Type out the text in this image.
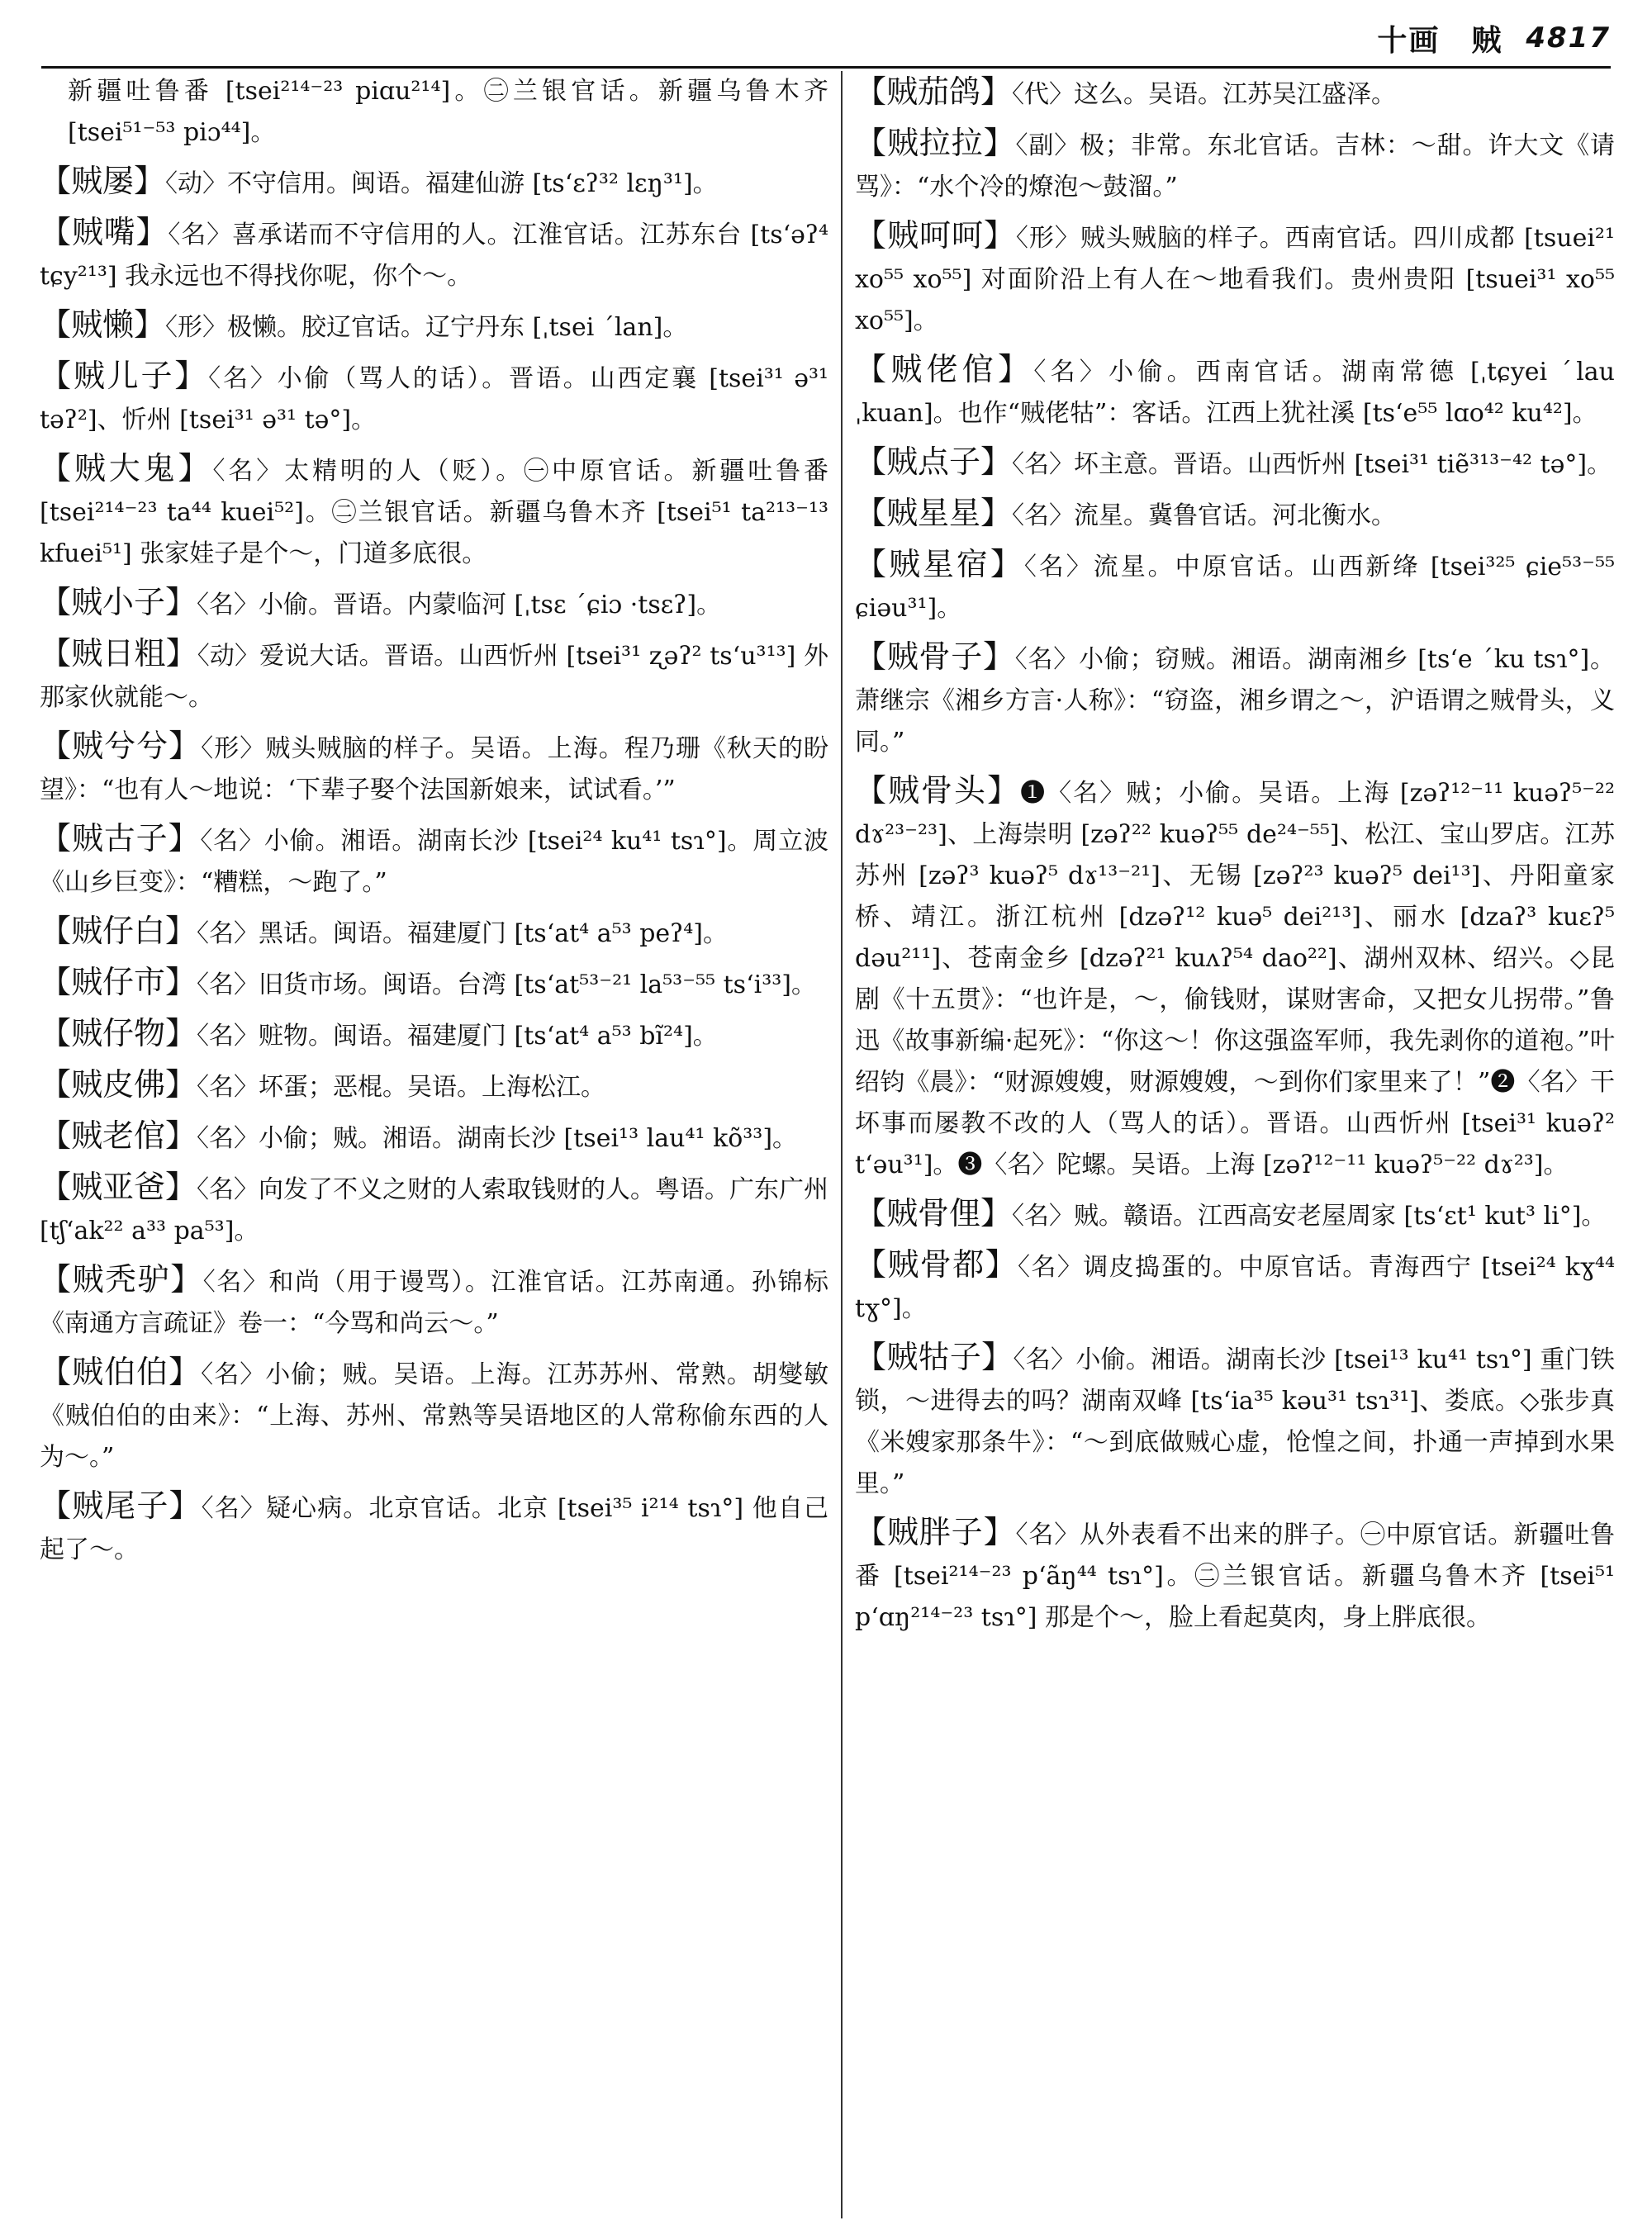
十画　贼 4817

新疆吐鲁番 [tsei²¹⁴⁻²³ piɑu²¹⁴]。㊁兰银官话。新疆乌鲁木齐 [tsei⁵¹⁻⁵³ piɔ⁴⁴]。

【贼屡】〈动〉不守信用。闽语。福建仙游 [tsʻɛʔ³² lɛŋ³¹]。

【贼嘴】〈名〉喜承诺而不守信用的人。江淮官话。江苏东台 [tsʻəʔ⁴ tɕy²¹³] 我永远也不得找你呢，你个～。

【贼懒】〈形〉极懒。胶辽官话。辽宁丹东 [ˌtsei ˊlan]。

【贼儿子】〈名〉小偷（骂人的话）。晋语。山西定襄 [tsei³¹ ə³¹ təʔ²]、忻州 [tsei³¹ ə³¹ tə°]。

【贼大鬼】〈名〉太精明的人（贬）。㊀中原官话。新疆吐鲁番 [tsei²¹⁴⁻²³ ta⁴⁴ kuei⁵²]。㊁兰银官话。新疆乌鲁木齐 [tsei⁵¹ ta²¹³⁻¹³ kfuei⁵¹] 张家娃子是个～，门道多底很。

【贼小子】〈名〉小偷。晋语。内蒙临河 [ˌtsɛ ˊɕiɔ ·tsɛʔ]。

【贼日粗】〈动〉爱说大话。晋语。山西忻州 [tsei³¹ ʐəʔ² tsʻu³¹³] 外那家伙就能～。

【贼兮兮】〈形〉贼头贼脑的样子。吴语。上海。程乃珊《秋天的盼望》：“也有人～地说：‘下辈子娶个法国新娘来，试试看。’”

【贼古子】〈名〉小偷。湘语。湖南长沙 [tsei²⁴ ku⁴¹ tsɿ°]。周立波《山乡巨变》：“糟糕，～跑了。”

【贼仔白】〈名〉黑话。闽语。福建厦门 [tsʻat⁴ a⁵³ peʔ⁴]。

【贼仔市】〈名〉旧货市场。闽语。台湾 [tsʻat⁵³⁻²¹ la⁵³⁻⁵⁵ tsʻi³³]。

【贼仔物】〈名〉赃物。闽语。福建厦门 [tsʻat⁴ a⁵³ bĩ²⁴]。

【贼皮佛】〈名〉坏蛋；恶棍。吴语。上海松江。

【贼老倌】〈名〉小偷；贼。湘语。湖南长沙 [tsei¹³ lau⁴¹ kõ³³]。

【贼亚爸】〈名〉向发了不义之财的人索取钱财的人。粤语。广东广州 [tʃʻak²² a³³ pa⁵³]。

【贼秃驴】〈名〉和尚（用于谩骂）。江淮官话。江苏南通。孙锦标《南通方言疏证》卷一：“今骂和尚云～。”

【贼伯伯】〈名〉小偷；贼。吴语。上海。江苏苏州、常熟。胡燮敏《贼伯伯的由来》：“上海、苏州、常熟等吴语地区的人常称偷东西的人为～。”

【贼尾子】〈名〉疑心病。北京官话。北京 [tsei³⁵ i²¹⁴ tsɿ°] 他自己起了～。

【贼茄鸽】〈代〉这么。吴语。江苏吴江盛泽。

【贼拉拉】〈副〉极；非常。东北官话。吉林：～甜。许大文《请骂》：“水个冷的燎泡～鼓溜。”

【贼呵呵】〈形〉贼头贼脑的样子。西南官话。四川成都 [tsuei²¹ xo⁵⁵ xo⁵⁵] 对面阶沿上有人在～地看我们。贵州贵阳 [tsuei³¹ xo⁵⁵ xo⁵⁵]。

【贼佬倌】〈名〉小偷。西南官话。湖南常德 [ˌtɕyei ˊlau ˌkuan]。也作“贼佬牯”：客话。江西上犹社溪 [tsʻe⁵⁵ lɑo⁴² ku⁴²]。

【贼点子】〈名〉坏主意。晋语。山西忻州 [tsei³¹ tiẽ³¹³⁻⁴² tə°]。

【贼星星】〈名〉流星。冀鲁官话。河北衡水。

【贼星宿】〈名〉流星。中原官话。山西新绛 [tsei³²⁵ ɕie⁵³⁻⁵⁵ ɕiəu³¹]。

【贼骨子】〈名〉小偷；窃贼。湘语。湖南湘乡 [tsʻe ˊku tsɿ°]。萧继宗《湘乡方言·人称》：“窃盗，湘乡谓之～，沪语谓之贼骨头，义同。”

【贼骨头】❶〈名〉贼；小偷。吴语。上海 [zəʔ¹²⁻¹¹ kuəʔ⁵⁻²² dɤ²³⁻²³]、上海崇明 [zəʔ²² kuəʔ⁵⁵ de²⁴⁻⁵⁵]、松江、宝山罗店。江苏苏州 [zəʔ³ kuəʔ⁵ dɤ¹³⁻²¹]、无锡 [zəʔ²³ kuəʔ⁵ dei¹³]、丹阳童家桥、靖江。浙江杭州 [dzəʔ¹² kuə⁵ dei²¹³]、丽水 [dzaʔ³ kuɛʔ⁵ dəu²¹¹]、苍南金乡 [dzəʔ²¹ kuʌʔ⁵⁴ dao²²]、湖州双林、绍兴。◇昆剧《十五贯》：“也许是，～，偷钱财，谋财害命，又把女儿拐带。”鲁迅《故事新编·起死》：“你这～！你这强盗军师，我先剥你的道袍。”叶绍钧《晨》：“财源嫂嫂，财源嫂嫂，～到你们家里来了！”❷〈名〉干坏事而屡教不改的人（骂人的话）。晋语。山西忻州 [tsei³¹ kuəʔ² tʻəu³¹]。❸〈名〉陀螺。吴语。上海 [zəʔ¹²⁻¹¹ kuəʔ⁵⁻²² dɤ²³]。

【贼骨俚】〈名〉贼。赣语。江西高安老屋周家 [tsʻɛt¹ kut³ li°]。

【贼骨都】〈名〉调皮捣蛋的。中原官话。青海西宁 [tsei²⁴ kɣ⁴⁴ tɣ°]。

【贼牯子】〈名〉小偷。湘语。湖南长沙 [tsei¹³ ku⁴¹ tsɿ°] 重门铁锁，～进得去的吗？湖南双峰 [tsʻia³⁵ kəu³¹ tsɿ³¹]、娄底。◇张步真《米嫂家那条牛》：“～到底做贼心虚，怆惶之间，扑通一声掉到水果里。”

【贼胖子】〈名〉从外表看不出来的胖子。㊀中原官话。新疆吐鲁番 [tsei²¹⁴⁻²³ pʻãŋ⁴⁴ tsɿ°]。㊁兰银官话。新疆乌鲁木齐 [tsei⁵¹ pʻɑŋ²¹⁴⁻²³ tsɿ°] 那是个～，脸上看起莫肉，身上胖底很。
